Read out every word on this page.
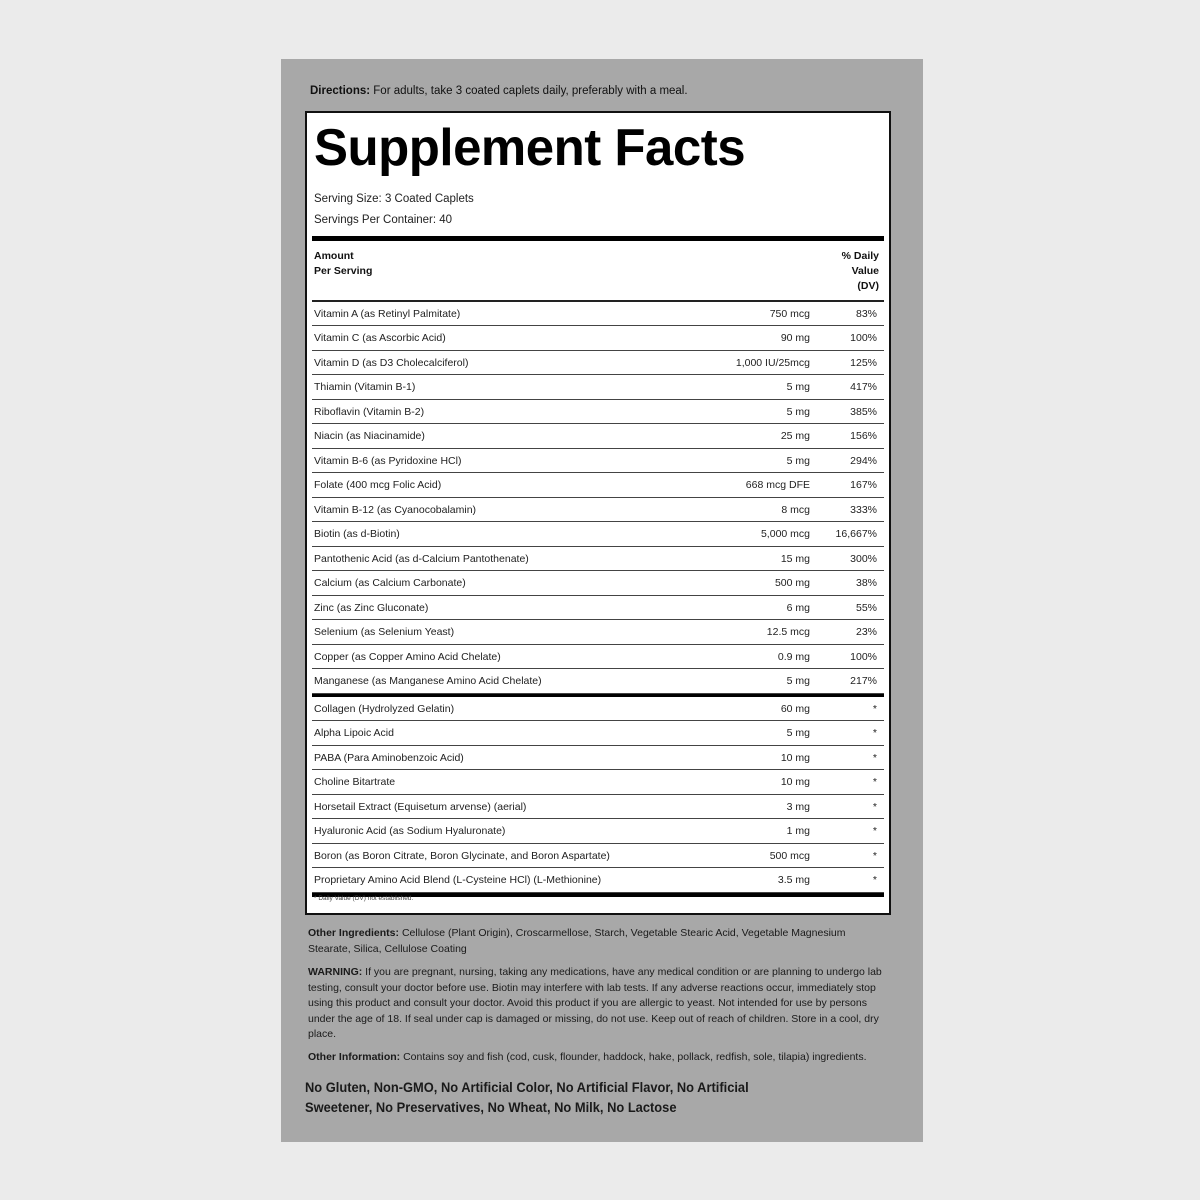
Directions: For adults, take 3 coated caplets daily, preferably with a meal.
Supplement Facts
Serving Size: 3 Coated Caplets
Servings Per Container: 40
Amount
Per Serving
% Daily
Value
(DV)
Vitamin A (as Retinyl Palmitate)	750 mcg	83%
Vitamin C (as Ascorbic Acid)	90 mg	100%
Vitamin D (as D3 Cholecalciferol)	1,000 IU/25mcg	125%
Thiamin (Vitamin B-1)	5 mg	417%
Riboflavin (Vitamin B-2)	5 mg	385%
Niacin (as Niacinamide)	25 mg	156%
Vitamin B-6 (as Pyridoxine HCl)	5 mg	294%
Folate (400 mcg Folic Acid)	668 mcg DFE	167%
Vitamin B-12 (as Cyanocobalamin)	8 mcg	333%
Biotin (as d-Biotin)	5,000 mcg 16,667%
Pantothenic Acid (as d-Calcium Pantothenate)	15 mg	300%
Calcium (as Calcium Carbonate)	500 mg	38%
Zinc (as Zinc Gluconate)	6 mg	55%
Selenium (as Selenium Yeast)	12.5 mcg	23%
Copper (as Copper Amino Acid Chelate)	0.9 mg	100%
Manganese (as Manganese Amino Acid Chelate)	5 mg	217%
Collagen (Hydrolyzed Gelatin)	60 mg	*
Alpha Lipoic Acid	5 mg	*
PABA (Para Aminobenzoic Acid)	10 mg	*
Choline Bitartrate	10 mg	*
Horsetail Extract (Equisetum arvense) (aerial)	3 mg	*
Hyaluronic Acid (as Sodium Hyaluronate)	1 mg	*
Boron (as Boron Citrate, Boron Glycinate, and Boron Aspartate)	500 mcg	*
Proprietary Amino Acid Blend (L-Cysteine HCl) (L-Methionine)	3.5 mg	*
* Daily Value (DV) not established.
Other Ingredients: Cellulose (Plant Origin), Croscarmellose, Starch, Vegetable Stearic Acid, Vegetable Magnesium Stearate, Silica, Cellulose Coating
WARNING: If you are pregnant, nursing, taking any medications, have any medical condition or are planning to undergo lab testing, consult your doctor before use. Biotin may interfere with lab tests. If any adverse reactions occur, immediately stop using this product and consult your doctor. Avoid this product if you are allergic to yeast. Not intended for use by persons under the age of 18. If seal under cap is damaged or missing, do not use. Keep out of reach of children. Store in a cool, dry place.
Other Information: Contains soy and fish (cod, cusk, flounder, haddock, hake, pollack, redfish, sole, tilapia) ingredients.
No Gluten, Non-GMO, No Artificial Color, No Artificial Flavor, No Artificial Sweetener, No Preservatives, No Wheat, No Milk, No Lactose
